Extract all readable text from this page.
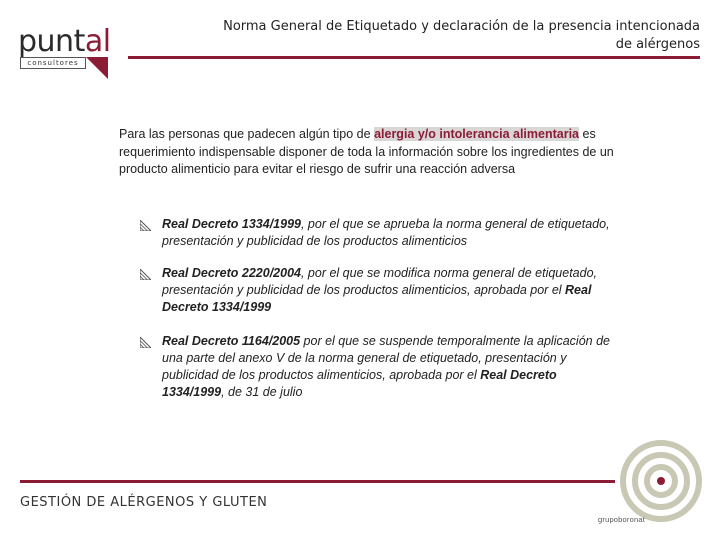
puntal
consultores
Norma General de Etiquetado y declaración de la presencia intencionada
de alérgenos
Para las personas que padecen algún tipo de alergia y/o intolerancia alimentaria es requerimiento indispensable disponer de toda la información sobre los ingredientes de un producto alimenticio para evitar el riesgo de sufrir una reacción adversa
Real Decreto 1334/1999, por el que se aprueba la norma general de etiquetado, presentación y publicidad de los productos alimenticios
Real Decreto 2220/2004, por el que se modifica norma general de etiquetado, presentación y publicidad de los productos alimenticios, aprobada por el Real Decreto 1334/1999
Real Decreto 1164/2005 por el que se suspende temporalmente la aplicación de una parte del anexo V de la norma general de etiquetado, presentación y publicidad de los productos alimenticios, aprobada por el Real Decreto 1334/1999, de 31 de julio
GESTIÓN DE ALÉRGENOS Y GLUTEN
grupoboronat
